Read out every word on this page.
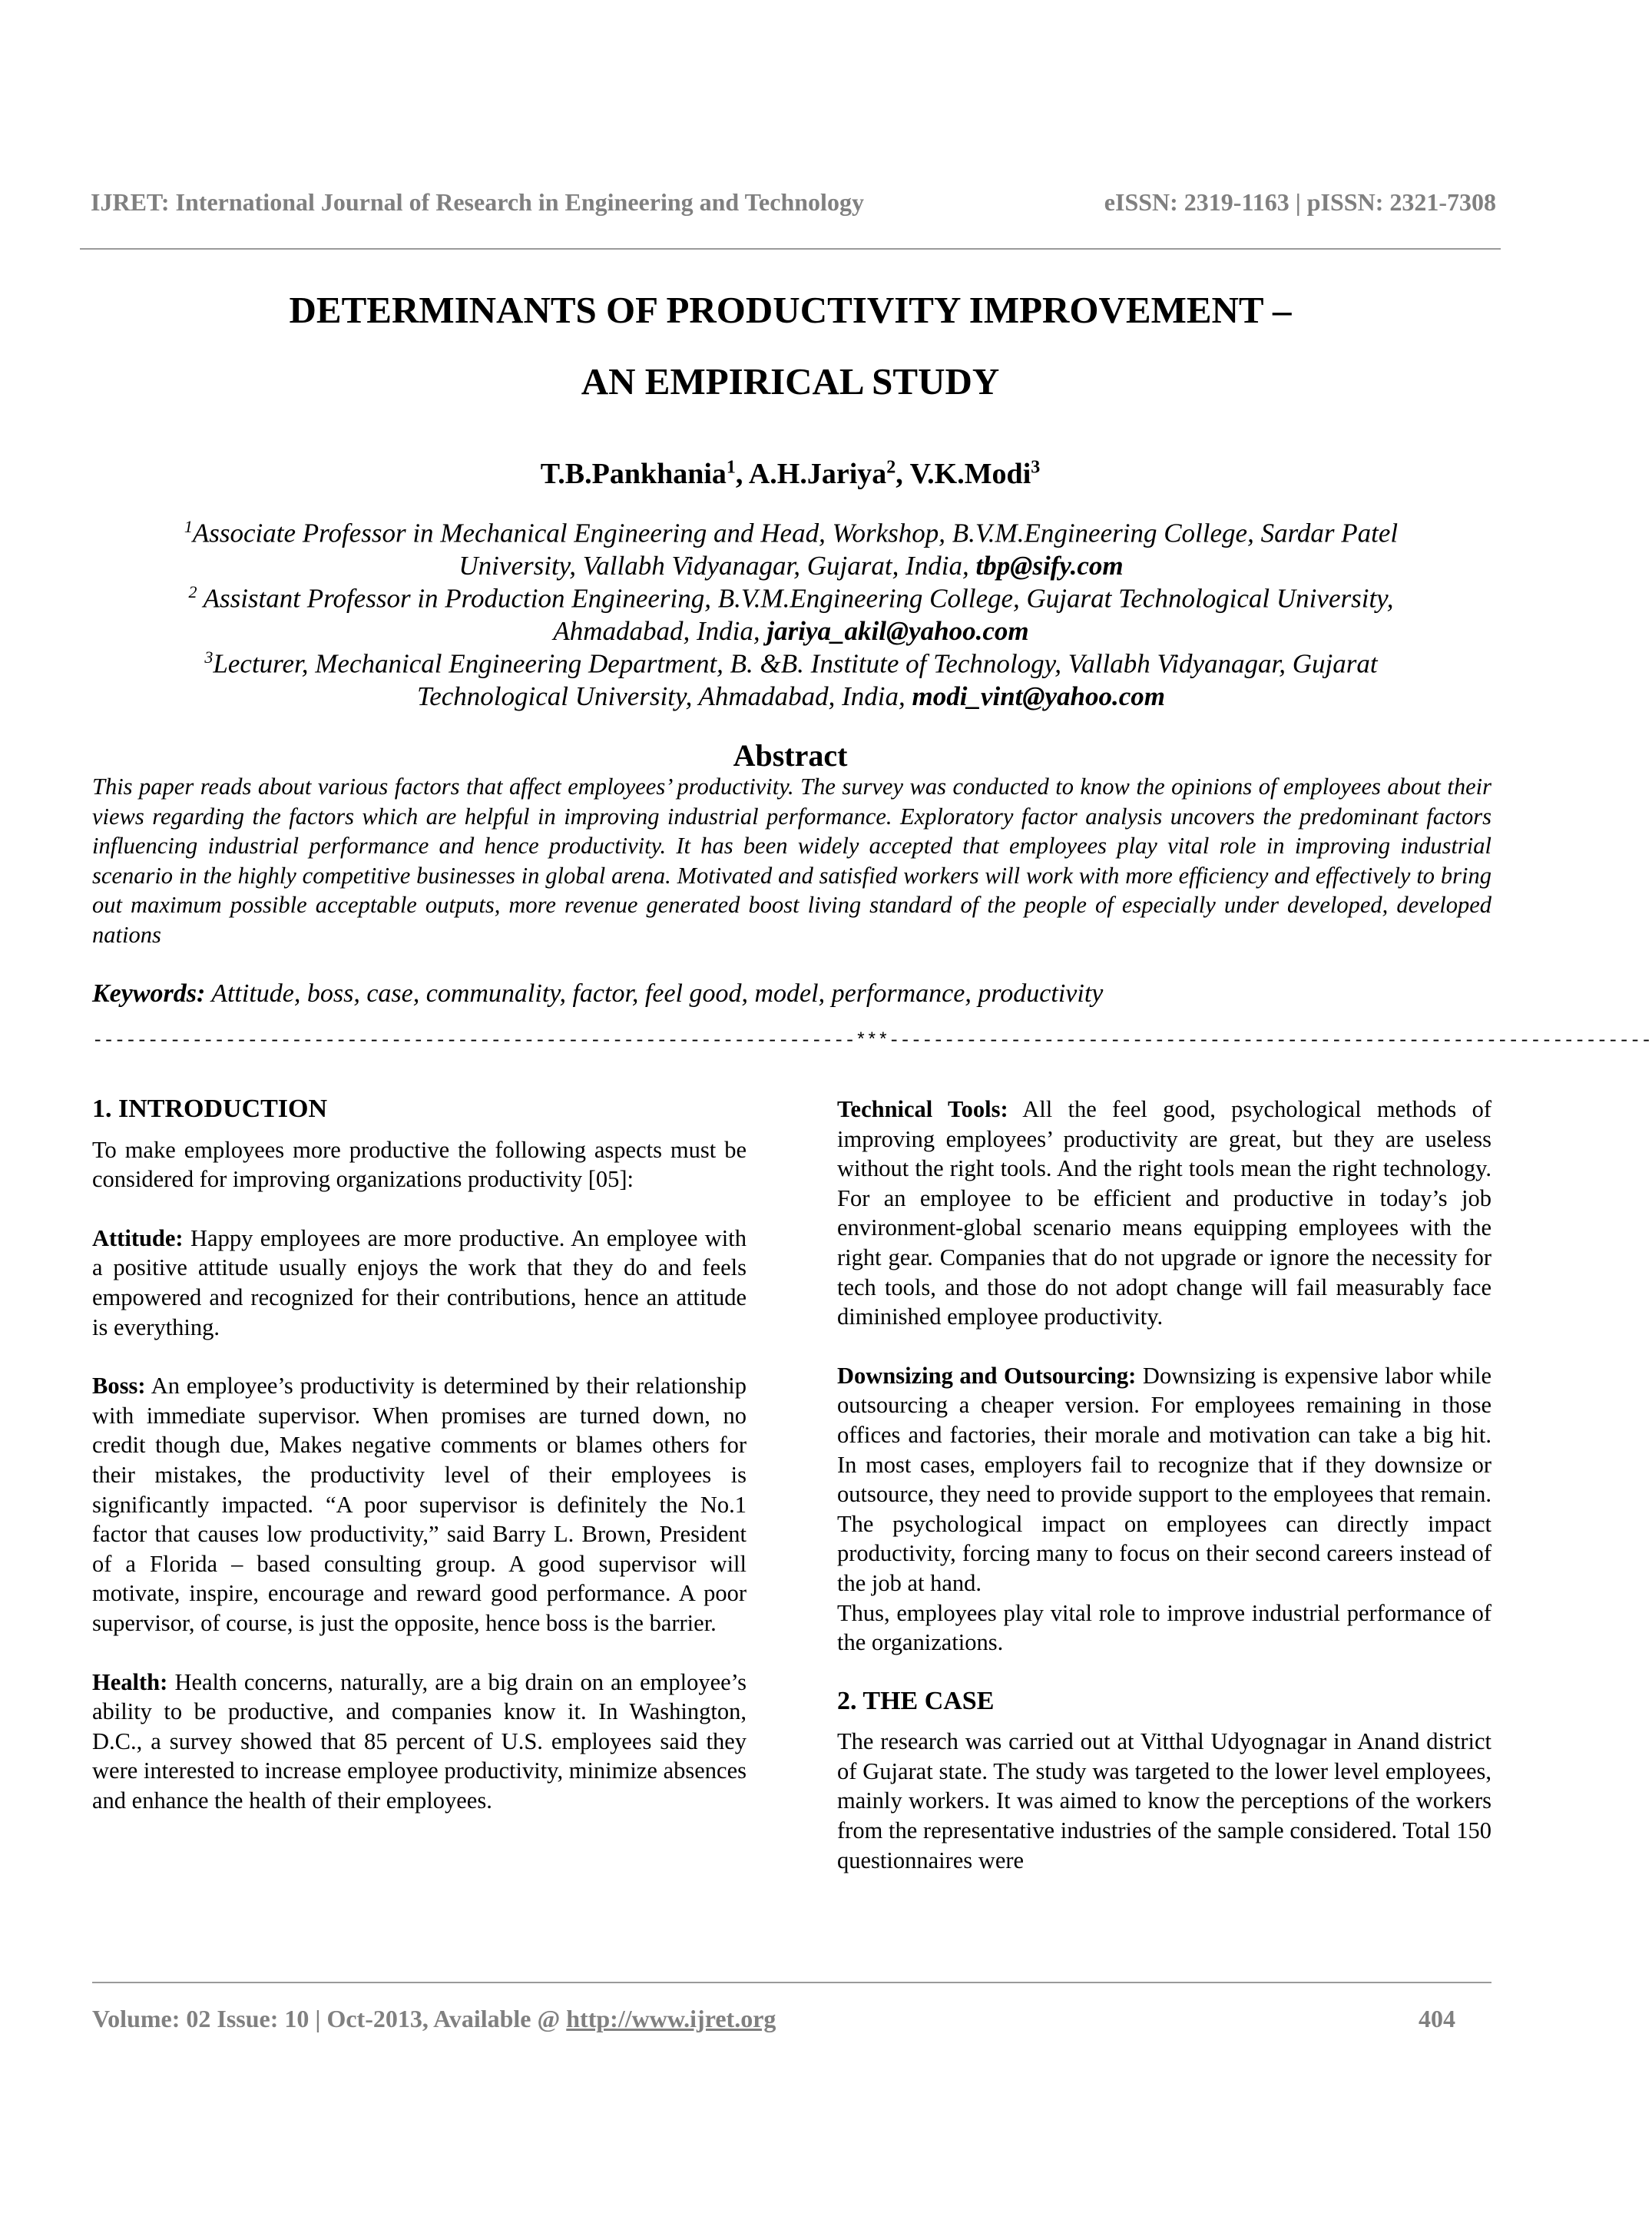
IJRET: International Journal of Research in Engineering and Technology	eISSN: 2319-1163 | pISSN: 2321-7308
DETERMINANTS OF PRODUCTIVITY IMPROVEMENT –
AN EMPIRICAL STUDY
T.B.Pankhania$^1$, A.H.Jariya$^2$, V.K.Modi$^3$
$^1$Associate Professor in Mechanical Engineering and Head, Workshop, B.V.M.Engineering College, Sardar Patel University, Vallabh Vidyanagar, Gujarat, India, tbp@sify.com
$^2$ Assistant Professor in Production Engineering, B.V.M.Engineering College, Gujarat Technological University, Ahmadabad, India, jariya_akil@yahoo.com
$^3$Lecturer, Mechanical Engineering Department, B. &B. Institute of Technology, Vallabh Vidyanagar, Gujarat Technological University, Ahmadabad, India, modi_vint@yahoo.com
Abstract
This paper reads about various factors that affect employees’ productivity. The survey was conducted to know the opinions of employees about their views regarding the factors which are helpful in improving industrial performance. Exploratory factor analysis uncovers the predominant factors influencing industrial performance and hence productivity. It has been widely accepted that employees play vital role in improving industrial scenario in the highly competitive businesses in global arena. Motivated and satisfied workers will work with more efficiency and effectively to bring out maximum possible acceptable outputs, more revenue generated boost living standard of the people of especially under developed, developed nations
Keywords: Attitude, boss, case, communality, factor, feel good, model, performance, productivity
---------------------------------------------------------------------***---------------------------------------------------------------------
1. INTRODUCTION

To make employees more productive the following aspects must be considered for improving organizations productivity [05]:

Attitude: Happy employees are more productive. An employee with a positive attitude usually enjoys the work that they do and feels empowered and recognized for their contributions, hence an attitude is everything.

Boss: An employee’s productivity is determined by their relationship with immediate supervisor. When promises are turned down, no credit though due, Makes negative comments or blames others for their mistakes, the productivity level of their employees is significantly impacted. “A poor supervisor is definitely the No.1 factor that causes low productivity,” said Barry L. Brown, President of a Florida – based consulting group. A good supervisor will motivate, inspire, encourage and reward good performance. A poor supervisor, of course, is just the opposite, hence boss is the barrier.

Health: Health concerns, naturally, are a big drain on an employee’s ability to be productive, and companies know it. In Washington, D.C., a survey showed that 85 percent of U.S. employees said they were interested to increase employee productivity, minimize absences and enhance the health of their employees.

Technical Tools: All the feel good, psychological methods of improving employees’ productivity are great, but they are useless without the right tools. And the right tools mean the right technology. For an employee to be efficient and productive in today’s job environment-global scenario means equipping employees with the right gear. Companies that do not upgrade or ignore the necessity for tech tools, and those do not adopt change will fail measurably face diminished employee productivity.

Downsizing and Outsourcing: Downsizing is expensive labor while outsourcing a cheaper version. For employees remaining in those offices and factories, their morale and motivation can take a big hit. In most cases, employers fail to recognize that if they downsize or outsource, they need to provide support to the employees that remain. The psychological impact on employees can directly impact productivity, forcing many to focus on their second careers instead of the job at hand.

Thus, employees play vital role to improve industrial performance of the organizations.

2. THE CASE

The research was carried out at Vitthal Udyognagar in Anand district of Gujarat state. The study was targeted to the lower level employees, mainly workers. It was aimed to know the perceptions of the workers from the representative industries of the sample considered. Total 150 questionnaires were

Volume: 02 Issue: 10 | Oct-2013, Available @ http://www.ijret.org	404
